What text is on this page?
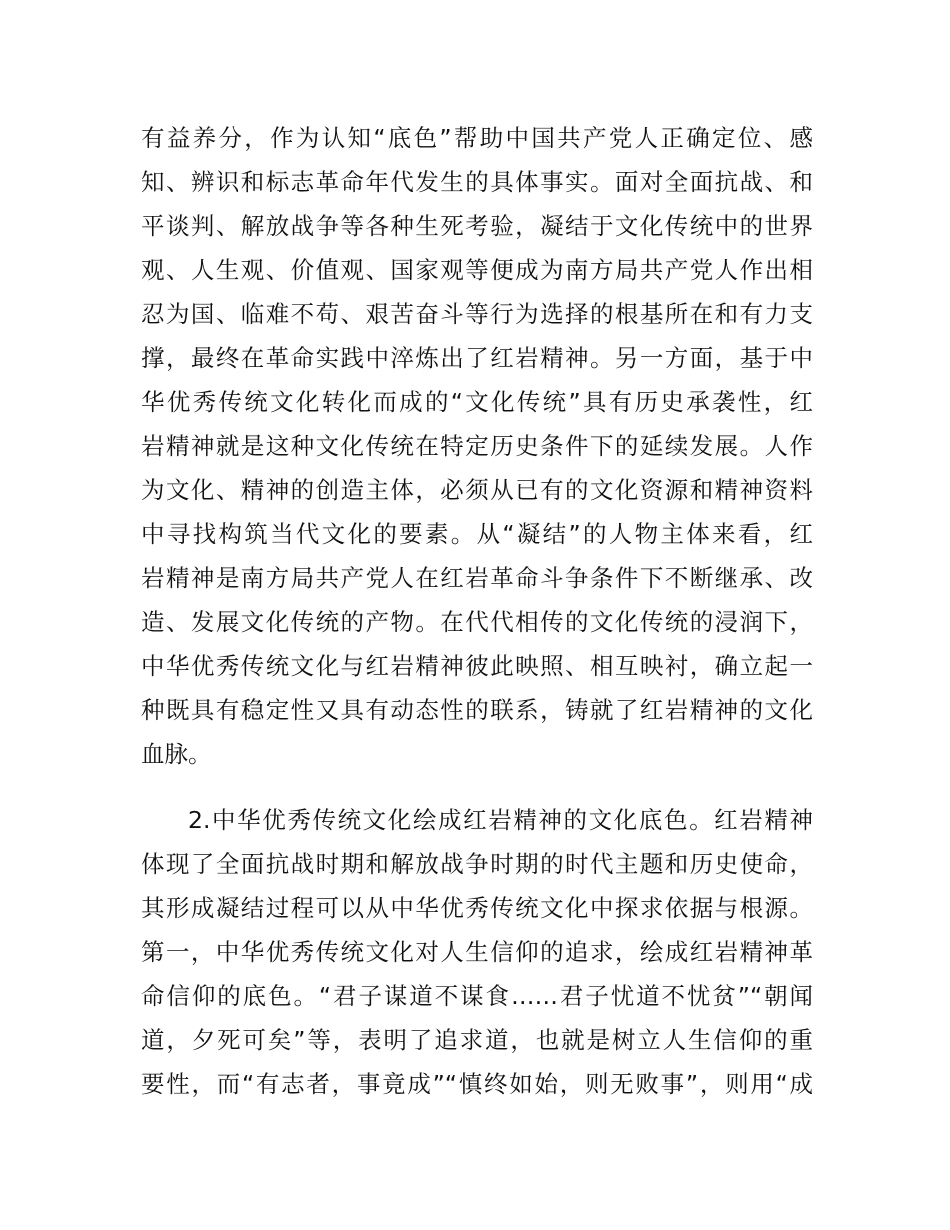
有益养分，作为认知“底色”帮助中国共产党人正确定位、感
知、辨识和标志革命年代发生的具体事实。面对全面抗战、和
平谈判、解放战争等各种生死考验，凝结于文化传统中的世界
观、人生观、价值观、国家观等便成为南方局共产党人作出相
忍为国、临难不苟、艰苦奋斗等行为选择的根基所在和有力支
撑，最终在革命实践中淬炼出了红岩精神。另一方面，基于中
华优秀传统文化转化而成的“文化传统”具有历史承袭性，红
岩精神就是这种文化传统在特定历史条件下的延续发展。人作
为文化、精神的创造主体，必须从已有的文化资源和精神资料
中寻找构筑当代文化的要素。从“凝结”的人物主体来看，红
岩精神是南方局共产党人在红岩革命斗争条件下不断继承、改
造、发展文化传统的产物。在代代相传的文化传统的浸润下，
中华优秀传统文化与红岩精神彼此映照、相互映衬，确立起一
种既具有稳定性又具有动态性的联系，铸就了红岩精神的文化
血脉。
2.中华优秀传统文化绘成红岩精神的文化底色。红岩精神
体现了全面抗战时期和解放战争时期的时代主题和历史使命，
其形成凝结过程可以从中华优秀传统文化中探求依据与根源。
第一，中华优秀传统文化对人生信仰的追求，绘成红岩精神革
命信仰的底色。“君子谋道不谋食……君子忧道不忧贫”“朝闻
道，夕死可矣”等，表明了追求道，也就是树立人生信仰的重
要性，而“有志者，事竟成”“慎终如始，则无败事”，则用“成
